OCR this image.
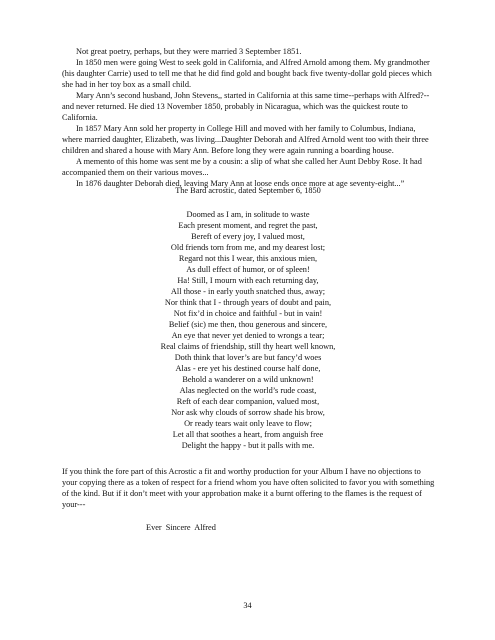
Not great poetry, perhaps, but they were married 3 September 1851.

In 1850 men were going West to seek gold in California, and Alfred Arnold among them. My grandmother (his daughter Carrie) used to tell me that he did find gold and bought back five twenty-dollar gold pieces which she had in her toy box as a small child.

Mary Ann’s second husband, John Stevens,, started in California at this same time--perhaps with Alfred?--and never returned. He died 13 November 1850, probably in Nicaragua, which was the quickest route to California.

In 1857 Mary Ann sold her property in College Hill and moved with her family to Columbus, Indiana, where married daughter, Elizabeth, was living...Daughter Deborah and Alfred Arnold went too with their three children and shared a house with Mary Ann. Before long they were again running a boarding house.

A memento of this home was sent me by a cousin: a slip of what she called her Aunt Debby Rose. It had accompanied them on their various moves...

In 1876 daughter Deborah died, leaving Mary Ann at loose ends once more at age seventy-eight...”

The Bard acrostic, dated September 6, 1850
Doomed as I am, in solitude to waste
Each present moment, and regret the past,
Bereft of every joy, I valued most,
Old friends torn from me, and my dearest lost;
Regard not this I wear, this anxious mien,
As dull effect of humor, or of spleen!
Ha! Still, I mourn with each returning day,
All those - in early youth snatched thus, away;
Nor think that I - through years of doubt and pain,
Not fix’d in choice and faithful - but in vain!
Belief (sic) me then, thou generous and sincere,
An eye that never yet denied to wrongs a tear;
Real claims of friendship, still thy heart well known,
Doth think that lover’s are but fancy’d woes
Alas - ere yet his destined course half done,
Behold a wanderer on a wild unknown!
Alas neglected on the world’s rude coast,
Reft of each dear companion, valued most,
Nor ask why clouds of sorrow shade his brow,
Or ready tears wait only leave to flow;
Let all that soothes a heart, from anguish free
Delight the happy - but it palls with me.
If you think the fore part of this Acrostic a fit and worthy production for your Album I have no objections to your copying there as a token of respect for a friend whom you have often solicited to favor you with something of the kind. But if it don’t meet with your approbation make it a burnt offering to the flames is the request of your---
Ever Sincere Alfred
34
